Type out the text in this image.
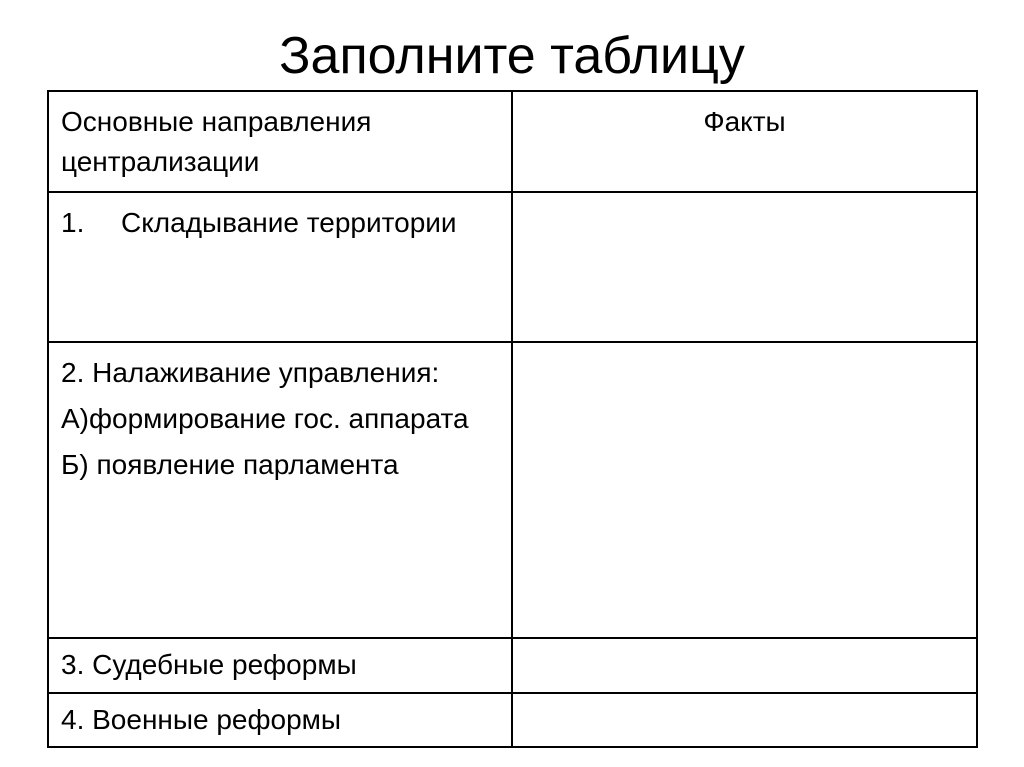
Заполните таблицу
Основные направления централизации	Факты

1. Складывание территории	

2. Налаживание управления:
А)формирование гос. аппарата
Б) появление парламента	

3. Судебные реформы	
4. Военные реформы	
